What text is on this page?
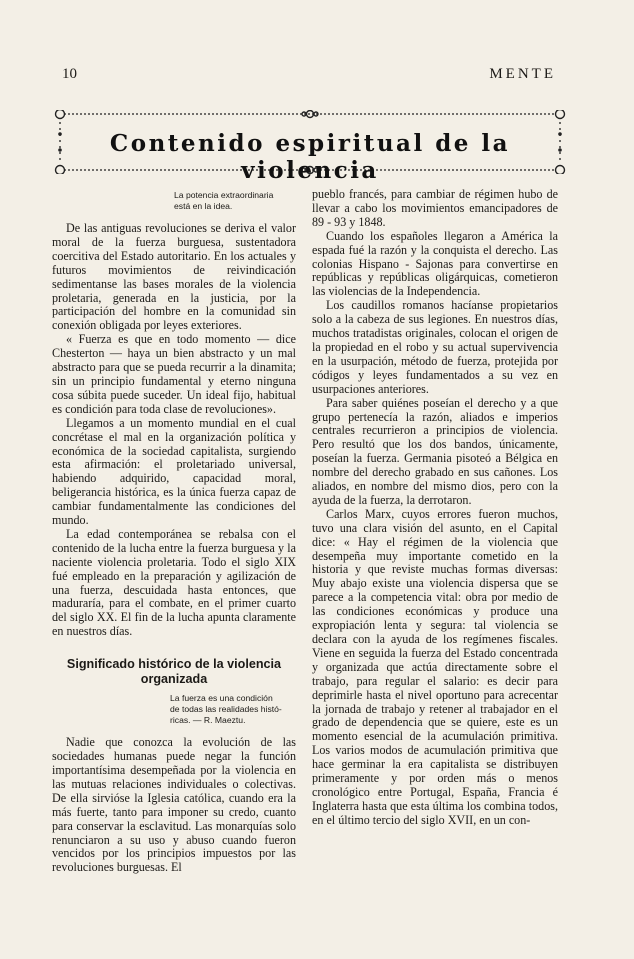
10	MENTE
Contenido espiritual de la violencia
La potencia extraordinaria
está en la idea.

De las antiguas revoluciones se deriva el valor moral de la fuerza burguesa, sustentadora coercitiva del Estado autoritario. En los actuales y futuros movimientos de reivindicación sedimentanse las bases morales de la violencia proletaria, generada en la justicia, por la participación del hombre en la comunidad sin conexión obligada por leyes exteriores.

« Fuerza es que en todo momento — dice Chesterton — haya un bien abstracto y un mal abstracto para que se pueda recurrir a la dinamita; sin un principio fundamental y eterno ninguna cosa súbita puede suceder. Un ideal fijo, habitual es condición para toda clase de revoluciones».

Llegamos a un momento mundial en el cual concrétase el mal en la organización política y económica de la sociedad capitalista, surgiendo esta afirmación: el proletariado universal, habiendo adquirido, capacidad moral, beligerancia histórica, es la única fuerza capaz de cambiar fundamentalmente las condiciones del mundo.

La edad contemporánea se rebalsa con el contenido de la lucha entre la fuerza burguesa y la naciente violencia proletaria. Todo el siglo XIX fué empleado en la preparación y agilización de una fuerza, descuidada hasta entonces, que maduraría, para el combate, en el primer cuarto del siglo XX. El fin de la lucha apunta claramente en nuestros días.

Significado histórico de la violencia
organizada
La fuerza es una condición
de todas las realidades histó-
ricas. — R. Maeztu.

Nadie que conozca la evolución de las sociedades humanas puede negar la función importantísima desempeñada por la violencia en las mutuas relaciones individuales o colectivas. De ella sirvióse la Iglesia católica, cuando era la más fuerte, tanto para imponer su credo, cuanto para conservar la esclavitud. Las monarquías solo renunciaron a su uso y abuso cuando fueron vencidos por los principios impuestos por las revoluciones burguesas. El

pueblo francés, para cambiar de régimen hubo de llevar a cabo los movimientos emancipadores de 89 - 93 y 1848.

Cuando los españoles llegaron a América la espada fué la razón y la conquista el derecho. Las colonias Hispano - Sajonas para convertirse en repúblicas y repúblicas oligárquicas, cometieron las violencias de la Independencia.

Los caudillos romanos hacíanse propietarios solo a la cabeza de sus legiones. En nuestros días, muchos tratadistas originales, colocan el origen de la propiedad en el robo y su actual supervivencia en la usurpación, método de fuerza, protejida por códigos y leyes fundamentados a su vez en usurpaciones anteriores.

Para saber quiénes poseían el derecho y a que grupo pertenecía la razón, aliados e imperios centrales recurrieron a principios de violencia. Pero resultó que los dos bandos, únicamente, poseían la fuerza. Germania pisoteó a Bélgica en nombre del derecho grabado en sus cañones. Los aliados, en nombre del mismo dios, pero con la ayuda de la fuerza, la derrotaron.

Carlos Marx, cuyos errores fueron muchos, tuvo una clara visión del asunto, en el Capital dice: « Hay el régimen de la violencia que desempeña muy importante cometido en la historia y que reviste muchas formas diversas: Muy abajo existe una violencia dispersa que se parece a la competencia vital: obra por medio de las condiciones económicas y produce una expropiación lenta y segura: tal violencia se declara con la ayuda de los regímenes fiscales. Viene en seguida la fuerza del Estado concentrada y organizada que actúa directamente sobre el trabajo, para regular el salario: es decir para deprimirle hasta el nivel oportuno para acrecentar la jornada de trabajo y retener al trabajador en el grado de dependencia que se quiere, este es un momento esencial de la acumulación primitiva. Los varios modos de acumulación primitiva que hace germinar la era capitalista se distribuyen primeramente y por orden más o menos cronológico entre Portugal, España, Francia é Inglaterra hasta que esta última los combina todos, en el último tercio del siglo XVII, en un con-
